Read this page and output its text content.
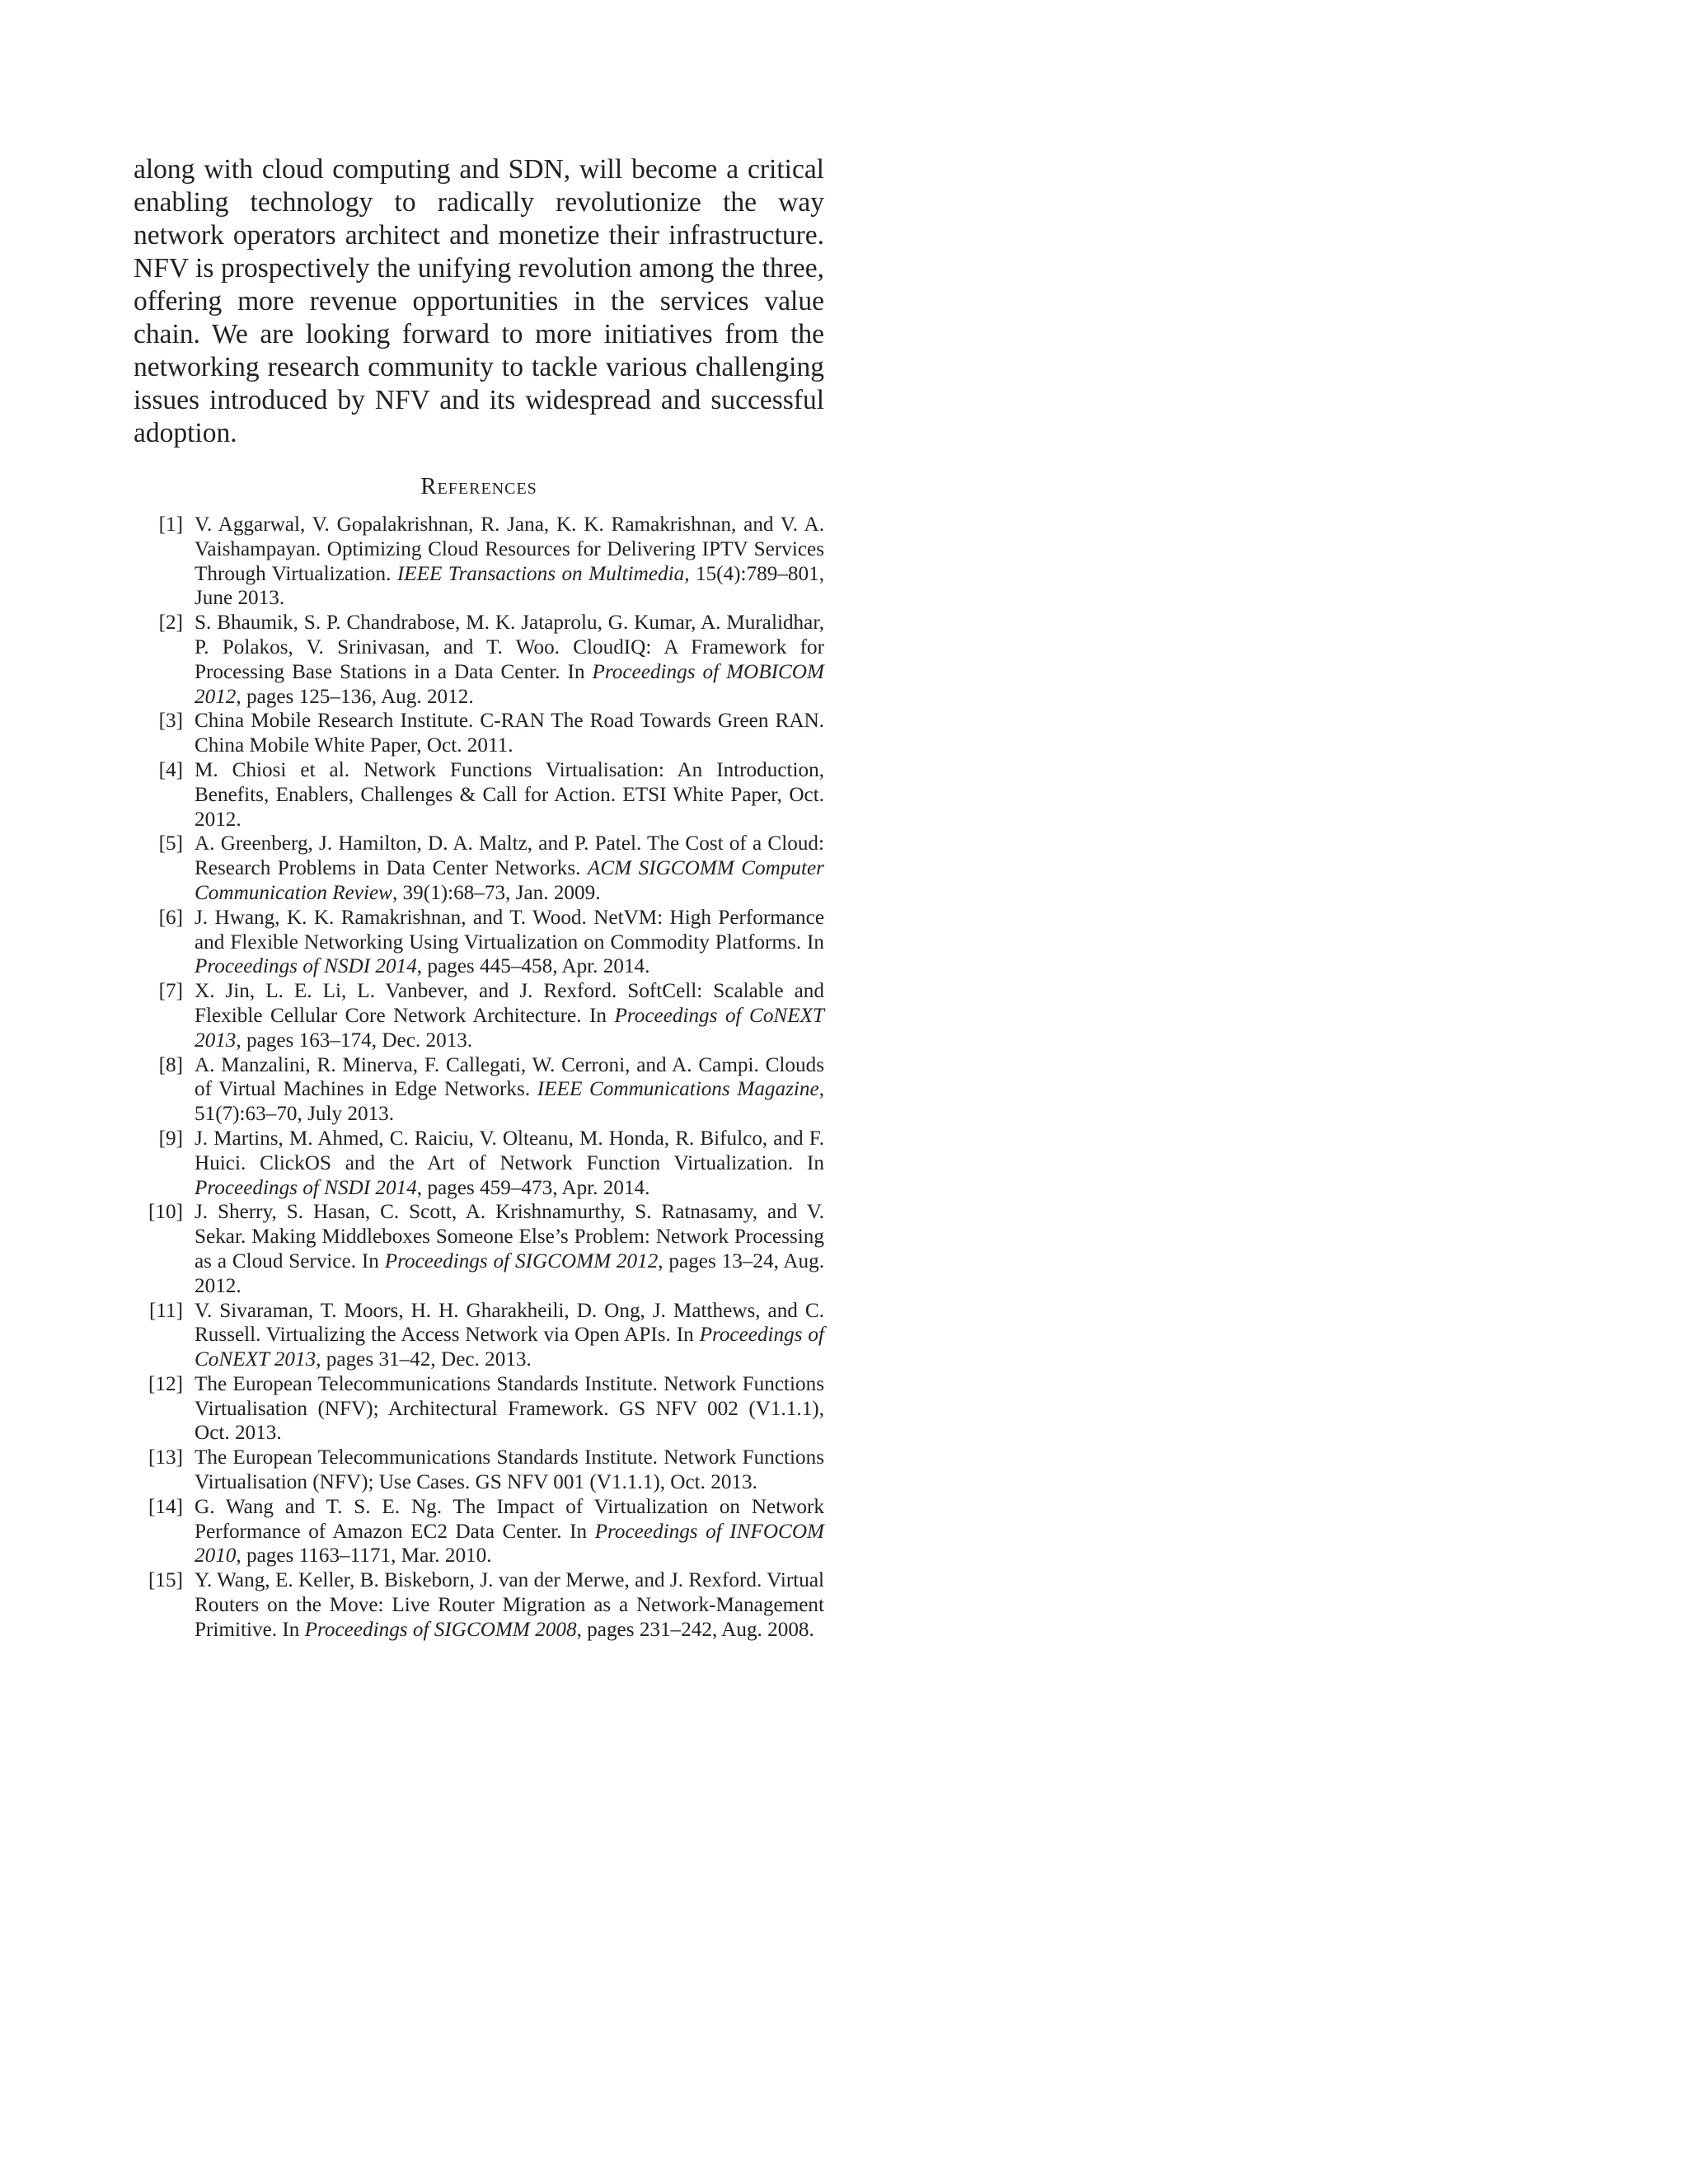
along with cloud computing and SDN, will become a critical enabling technology to radically revolutionize the way network operators architect and monetize their infrastructure. NFV is prospectively the unifying revolution among the three, offering more revenue opportunities in the services value chain. We are looking forward to more initiatives from the networking research community to tackle various challenging issues introduced by NFV and its widespread and successful adoption.

References
[1] V. Aggarwal, V. Gopalakrishnan, R. Jana, K. K. Ramakrishnan, and V. A. Vaishampayan. Optimizing Cloud Resources for Delivering IPTV Services Through Virtualization. IEEE Transactions on Multimedia, 15(4):789–801, June 2013.
[2] S. Bhaumik, S. P. Chandrabose, M. K. Jataprolu, G. Kumar, A. Muralidhar, P. Polakos, V. Srinivasan, and T. Woo. CloudIQ: A Framework for Processing Base Stations in a Data Center. In Proceedings of MOBICOM 2012, pages 125–136, Aug. 2012.
[3] China Mobile Research Institute. C-RAN The Road Towards Green RAN. China Mobile White Paper, Oct. 2011.
[4] M. Chiosi et al. Network Functions Virtualisation: An Introduction, Benefits, Enablers, Challenges & Call for Action. ETSI White Paper, Oct. 2012.
[5] A. Greenberg, J. Hamilton, D. A. Maltz, and P. Patel. The Cost of a Cloud: Research Problems in Data Center Networks. ACM SIGCOMM Computer Communication Review, 39(1):68–73, Jan. 2009.
[6] J. Hwang, K. K. Ramakrishnan, and T. Wood. NetVM: High Performance and Flexible Networking Using Virtualization on Commodity Platforms. In Proceedings of NSDI 2014, pages 445–458, Apr. 2014.
[7] X. Jin, L. E. Li, L. Vanbever, and J. Rexford. SoftCell: Scalable and Flexible Cellular Core Network Architecture. In Proceedings of CoNEXT 2013, pages 163–174, Dec. 2013.
[8] A. Manzalini, R. Minerva, F. Callegati, W. Cerroni, and A. Campi. Clouds of Virtual Machines in Edge Networks. IEEE Communications Magazine, 51(7):63–70, July 2013.
[9] J. Martins, M. Ahmed, C. Raiciu, V. Olteanu, M. Honda, R. Bifulco, and F. Huici. ClickOS and the Art of Network Function Virtualization. In Proceedings of NSDI 2014, pages 459–473, Apr. 2014.
[10] J. Sherry, S. Hasan, C. Scott, A. Krishnamurthy, S. Ratnasamy, and V. Sekar. Making Middleboxes Someone Else’s Problem: Network Processing as a Cloud Service. In Proceedings of SIGCOMM 2012, pages 13–24, Aug. 2012.
[11] V. Sivaraman, T. Moors, H. H. Gharakheili, D. Ong, J. Matthews, and C. Russell. Virtualizing the Access Network via Open APIs. In Proceedings of CoNEXT 2013, pages 31–42, Dec. 2013.
[12] The European Telecommunications Standards Institute. Network Functions Virtualisation (NFV); Architectural Framework. GS NFV 002 (V1.1.1), Oct. 2013.
[13] The European Telecommunications Standards Institute. Network Functions Virtualisation (NFV); Use Cases. GS NFV 001 (V1.1.1), Oct. 2013.
[14] G. Wang and T. S. E. Ng. The Impact of Virtualization on Network Performance of Amazon EC2 Data Center. In Proceedings of INFOCOM 2010, pages 1163–1171, Mar. 2010.
[15] Y. Wang, E. Keller, B. Biskeborn, J. van der Merwe, and J. Rexford. Virtual Routers on the Move: Live Router Migration as a Network-Management Primitive. In Proceedings of SIGCOMM 2008, pages 231–242, Aug. 2008.
